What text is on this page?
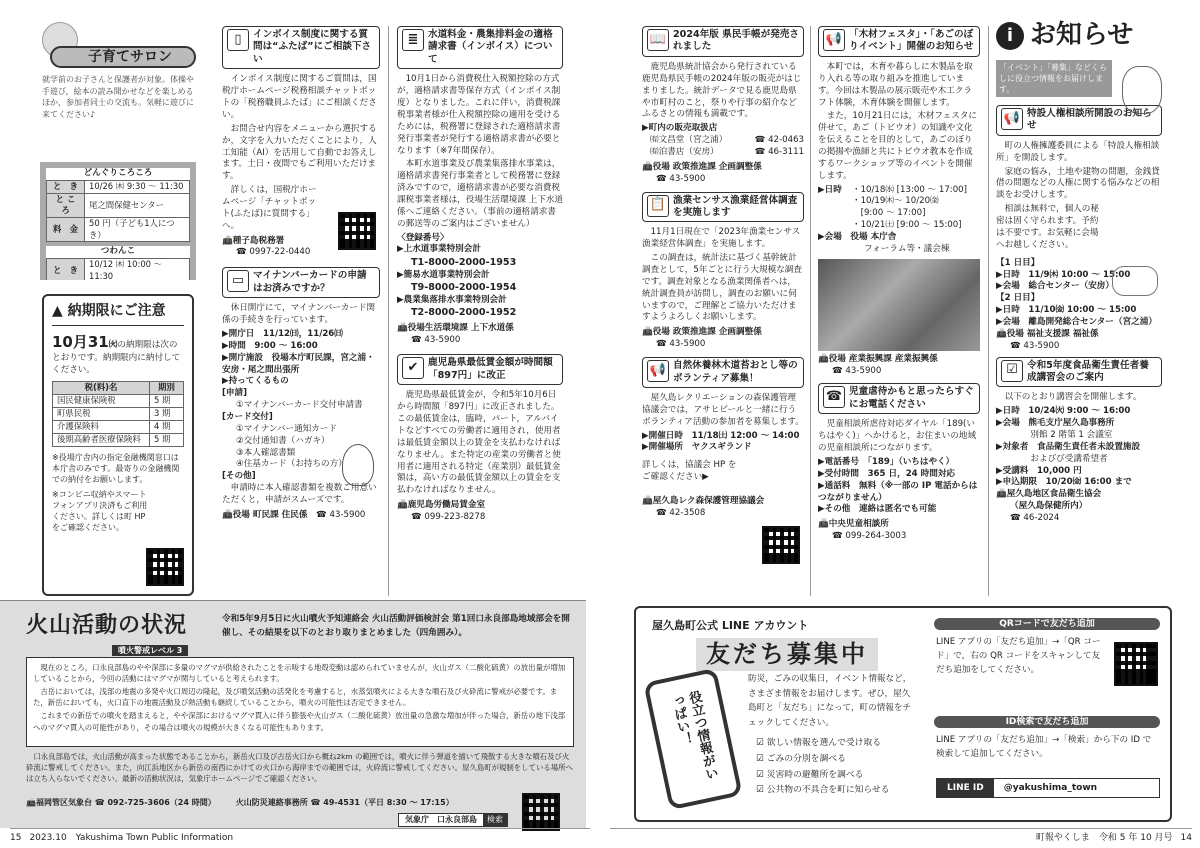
子育てサロン
就学前のお子さんと保護者が対象。体操や手遊び，絵本の読み聞かせなどを楽しめるほか，参加者同士の交流も。気軽に遊びに来てください♪
どんぐりころころ
と　き	10/26 ㈭ 9:30 ～ 11:30
と こ ろ	尾之間保健センター
料　金	50 円（子ども1人につき）
つわんこ
と　き	10/12 ㈭ 10:00 ～ 11:30

▲ 納期限にご注意
10月31㈫の納期限は次のとおりです。納期限内に納付してください。
税(料)名	期別
国民健康保険税	5 期
町県民税	3 期
介護保険料	4 期
後期高齢者医療保険料	5 期
※役場庁舎内の指定金融機関窓口は本庁舎のみです。最寄りの金融機関での納付をお願いします。
※コンビニ収納やスマートフォンアプリ決済もご利用ください。詳しくは町 HP をご確認ください。
▯	インボイス制度に関する質問は“ふたば”にご相談下さい
インボイス制度に関するご質問は，国税庁ホームページ税務相談チャットボットの「税務職員ふたば」にご相談ください。
お問合せ内容をメニューから選択するか，文字を入力いただくことにより，人工知能（AI）を活用して自動でお答えします。土日・夜間でもご利用いただけます。
詳しくは，国税庁ホームページ「チャットボット(ふたば)に質問する」へ。
📠種子島税務署
☎ 0997-22-0440
▭ マイナンバーカードの申請はお済みですか？
休日開庁にて，マイナンバーカード関係の手続きを行っています。
▶開庁日　11/12㈰，11/26㈰
▶時間　9:00 ～ 16:00
▶開庁施設　役場本庁町民課，宮之浦・安房・尾之間出張所
▶持ってくるもの
[申請]
①マイナンバーカード交付申請書
[カード交付]
①マイナンバー通知カード
②交付通知書（ハガキ）
③本人確認書類
④住基カード（お持ちの方）
[その他]
申請時に本人確認書類を複数ご用意いただくと，申請がスムーズです。
📠役場 町民課 住民係　 ☎ 43-5900
≣ 水道料金・農集排料金の適格請求書（インボイス）について
10月1日から消費税仕入税額控除の方式が，適格請求書等保存方式（インボイス制度）となりました。これに伴い，消費税課税事業者様が仕入税額控除の適用を受けるためには，税務署に登録された適格請求書発行事業者が発行する適格請求書が必要となります（※7年間保存）。
本町水道事業及び農業集落排水事業は，適格請求書発行事業者として税務署に登録済みですので，適格請求書が必要な消費税課税事業者様は，役場生活環境課 上下水道係へご連絡ください。（事前の適格請求書の郵送等のご案内はございません）
〈登録番号〉
▶上水道事業特別会計
T1-8000-2000-1953
▶簡易水道事業特別会計
T9-8000-2000-1954
▶農業集落排水事業特別会計
T2-8000-2000-1952
📠役場生活環境課 上下水道係
☎ 43-5900
✔ 鹿児島県最低賃金額が時間額「897円」に改正
鹿児島県最低賃金が，令和5年10月6日から時間額「897円」に改正されました。この最低賃金は，臨時，パート，アルバイトなどすべての労働者に適用され，使用者は最低賃金額以上の賃金を支払わなければなりません。また特定の産業の労働者と使用者に適用される特定（産業別）最低賃金額は，高い方の最低賃金額以上の賃金を支払わなければなりません。
📠鹿児島労働局賃金室
☎ 099-223-8278
火山活動の状況
噴火警戒レベル 3
令和5年9月5日に火山噴火予知連絡会 火山活動評価検討会 第1回口永良部島地域部会を開催し、その結果を以下のとおり取りまとめました（四角囲み）。
現在のところ，口永良部島のやや深部に多量のマグマが供給されたことを示唆する地殻変動は認められていませんが，火山ガス（二酸化硫黄）の放出量が増加していることから，今回の活動にはマグマが関与していると考えられます。
古岳においては，浅部の地震の多発や火口周辺の隆起，及び噴気活動の活発化を考慮すると，水蒸気噴火による大きな噴石及び火砕流に警戒が必要です。また，新岳においても，火口直下の地震活動及び熱活動も継続していることから，噴火の可能性は否定できません。
これまでの新岳での噴火を踏まえると，やや深部におけるマグマ貫入に伴う膨張や火山ガス（二酸化硫黄）放出量の急激な増加が伴った場合，新岳の地下浅部へのマグマ貫入の可能性があり，その場合は噴火の規模が大きくなる可能性もあります。
口永良部島では，火山活動が高まった状態であることから，新岳火口及び古岳火口から概ね2km の範囲では，噴火に伴う弾道を描いて飛散する大きな噴石及び火砕流に警戒してください。また，向江浜地区から新岳の南西にかけての火口から海岸までの範囲では，火砕流に警戒してください。屋久島町が規制をしている場所へは立ち入らないでください。最新の活動状況は，気象庁ホームページでご確認ください。
📠福岡管区気象台 ☎ 092-725-3606（24 時間）　　　	火山防災連絡事務所 ☎ 49-4531（平日 8:30 ～ 17:15）
気象庁　口永良部島	検索
15 2023.10　Yakushima Town Public Information
📖 2024年版 県民手帳が発売されました
鹿児島県統計協会から発行されている鹿児島県民手帳の2024年版の販売がはじまりました。統計データで見る鹿児島県や市町村のこと，祭りや行事の紹介などふるさとの情報も満載です。
▶町内の販売取扱店
㈲文昌堂（宮之浦）	☎ 42-0463
㈲泊書店（安房）	☎ 46-3111
📠役場 政策推進課 企画調整係
☎ 43-5900
📋 漁業センサス漁業経営体調査を実施します
11月1日現在で「2023年漁業センサス漁業経営体調査」を実施します。
この調査は，統計法に基づく基幹統計調査として，5年ごとに行う大規模な調査です。調査対象となる漁業関係者へは，統計調査員が訪問し，調査のお願いに伺いますので，ご理解とご協力いただけますようよろしくお願いします。
📠役場 政策推進課 企画調整係
☎ 43-5900
📢 自然休養林木道苔おとし等のボランティア募集！
屋久島レクリエーションの森保護管理協議会では，アサヒビールと一緒に行うボランティア活動の参加者を募集します。
▶開催日時　11/18㈯ 12:00 ～ 14:00
▶開催場所　ヤクスギランド
詳しくは，協議会 HP をご確認ください▶
📠屋久島レク森保護管理協議会
☎ 42-3508
📢 「木材フェスタ」・「あごのぼりイベント」開催のお知らせ
本町では，木育や暮らしに木製品を取り入れる等の取り組みを推進しています。今回は木製品の展示販売や木工クラフト体験，木育体験を開催します。
また，10月21日には，木材フェスタに併せて，あご（トビウオ）の知識や文化を伝えることを目的として，あごのぼりの掲揚や漁師と共にトビウオ教本を作成するワークショップ等のイベントを開催します。
▶日時	・10/18㈬ [13:00 ～ 17:00]
・10/19㈭～ 10/20㈮
　[9:00 ～ 17:00]
・10/21㈯ [9:00 ～ 15:00]
▶会場　役場 本庁舎
フォーラム等・議会棟
📠役場 産業振興課 産業振興係
☎ 43-5900
☎ 児童虐待かもと思ったらすぐにお電話ください
児童相談所虐待対応ダイヤル「189(いちはやく)」へかけると，お住まいの地域の児童相談所につながります。
▶電話番号　「189」（いちはやく）
▶受付時間　365 日，24 時間対応
▶通話料　無料（※一部の IP 電話からはつながりません）
▶その他　連絡は匿名でも可能
📠中央児童相談所
☎ 099-264-3003
i お知らせ
「イベント」「募集」などくらしに役立つ情報をお届けします。
📢 特設人権相談所開設のお知らせ
町の人権擁護委員による「特設人権相談所」を開設します。
家庭の悩み，土地や建物の問題，金銭貸借の問題などの人権に関する悩みなどの相談をお受けします。
相談は無料で，個人の秘密は固く守られます。予約は不要です。お気軽に会場へお越しください。
【1 日目】
▶日時　11/9㈭ 10:00 ～ 15:00
▶会場　総合センター（安房）
【2 日目】
▶日時　11/10㈮ 10:00 ～ 15:00
▶会場　離島開発総合センター（宮之浦）
📠役場 福祉支援課 福祉係
☎ 43-5900
☑ 令和5年度食品衛生責任者養成講習会のご案内
以下のとおり講習会を開催します。
▶日時　10/24㈫ 9:00 ～ 16:00
▶会場　熊毛支庁屋久島事務所
　　　　別館 2 階第 1 会議室
▶対象者　食品衛生責任者未設置施設
　　　　およびび受講希望者
▶受講料　10,000 円
▶申込期限　10/20㈮ 16:00 まで
📠屋久島地区食品衛生協会
（屋久島保健所内）
☎ 46-2024
屋久島町公式 LINE アカウント
友だち募集中
役立つ情報がいっぱい！
防災，ごみの収集日，イベント情報など，さまざま情報をお届けします。ぜひ，屋久島町と「友だち」になって，町の情報をチェックしてください。
☑ 欲しい情報を選んで受け取る
☑ ごみの分別を調べる
☑ 災害時の避難所を調べる
☑ 公共物の不具合を町に知らせる
QRコードで友だち追加
LINE アプリの「友だち追加」→「QR コード」で，右の QR コードをスキャンして友だち追加をしてください。
ID検索で友だち追加
LINE アプリの「友だち追加」→「検索」から下の ID で検索して追加してください。
LINE ID	@yakushima_town
町報やくしま　令和 5 年 10 月号 14
